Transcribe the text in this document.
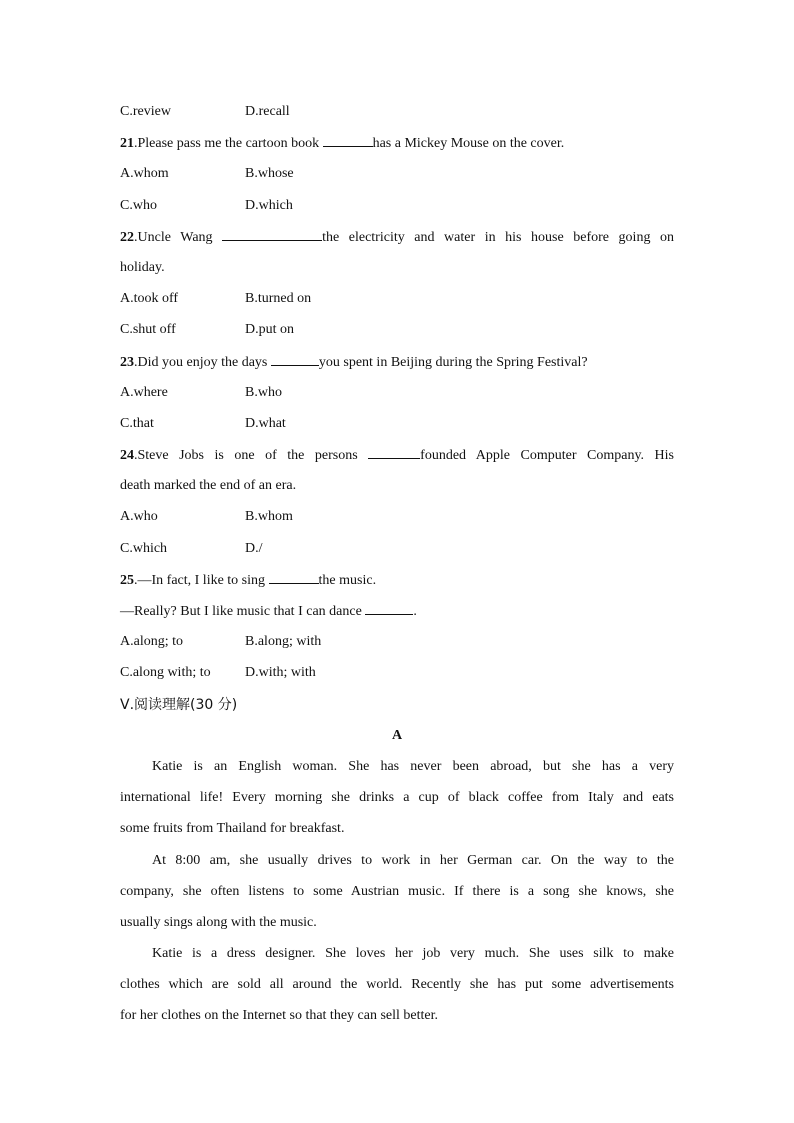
C.review	D.recall
21.Please pass me the cartoon book	has a Mickey Mouse on the cover.
A.whom	B.whose
C.who	D.which
22.Uncle Wang	the electricity and water in his house before going on
holiday.
A.took off	B.turned on
C.shut off	D.put on
23.Did you enjoy the days	you spent in Beijing during the Spring Festival?
A.where	B.who
C.that	D.what
24.Steve Jobs is one of the persons	founded Apple Computer Company. His
death marked the end of an era.
A.who	B.whom
C.which	D./
25.—In fact, I like to sing	the music.
—Really? But I like music that I can dance	.
A.along; to	B.along; with
C.along with; to	D.with; with
Ⅴ.阅读理解(30 分)
A
Katie is an English woman. She has never been abroad, but she has a very
international life! Every morning she drinks a cup of black coffee from Italy and eats
some fruits from Thailand for breakfast.
At 8:00 am, she usually drives to work in her German car. On the way to the
company, she often listens to some Austrian music. If there is a song she knows, she
usually sings along with the music.
Katie is a dress designer. She loves her job very much. She uses silk to make
clothes which are sold all around the world. Recently she has put some advertisements
for her clothes on the Internet so that they can sell better.
